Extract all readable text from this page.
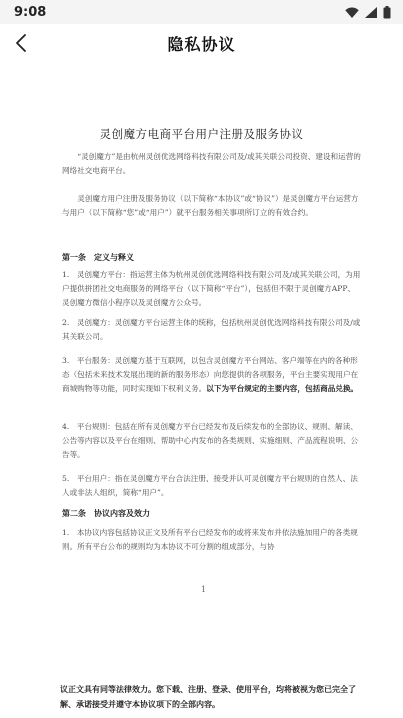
9:08
隐私协议
灵创魔方电商平台用户注册及服务协议

“灵创魔方”是由杭州灵创优选网络科技有限公司及/或其关联公司投资、建设和运营的网络社交电商平台。

灵创魔方用户注册及服务协议（以下简称“本协议”或“协议”）是灵创魔方平台运营方与用户（以下简称“您”或“用户”）就平台服务相关事项所订立的有效合约。

第一条　定义与释义

1.　灵创魔方平台：指运营主体为杭州灵创优选网络科技有限公司及/或其关联公司，为用户提供拼团社交电商服务的网络平台（以下简称“平台”），包括但不限于灵创魔方APP、灵创魔方微信小程序以及灵创魔方公众号。

2.　灵创魔方：灵创魔方平台运营主体的统称，包括杭州灵创优选网络科技有限公司及/或其关联公司。

3.　平台服务：灵创魔方基于互联网，以包含灵创魔方平台网站、客户端等在内的各种形态（包括未来技术发展出现的新的服务形态）向您提供的各项服务，平台主要实现用户在商城购物等功能，同时实现如下权利义务。以下为平台规定的主要内容，包括商品兑换。

4.　平台规则：包括在所有灵创魔方平台已经发布及后续发布的全部协议、规则、解读、公告等内容以及平台在细则、帮助中心内发布的各类规则、实施细则、产品流程说明、公告等。

5.　平台用户：指在灵创魔方平台合法注册、接受并认可灵创魔方平台规则的自然人、法人或非法人组织，简称“用户”。

第二条　协议内容及效力

1.　本协议内容包括协议正文及所有平台已经发布的或将来发布并依法施加用户的各类规则。所有平台公布的规则均为本协议不可分割的组成部分，与协

1

议正文具有同等法律效力。您下载、注册、登录、使用平台，均将被视为您已完全了解、承诺接受并遵守本协议项下的全部内容。
